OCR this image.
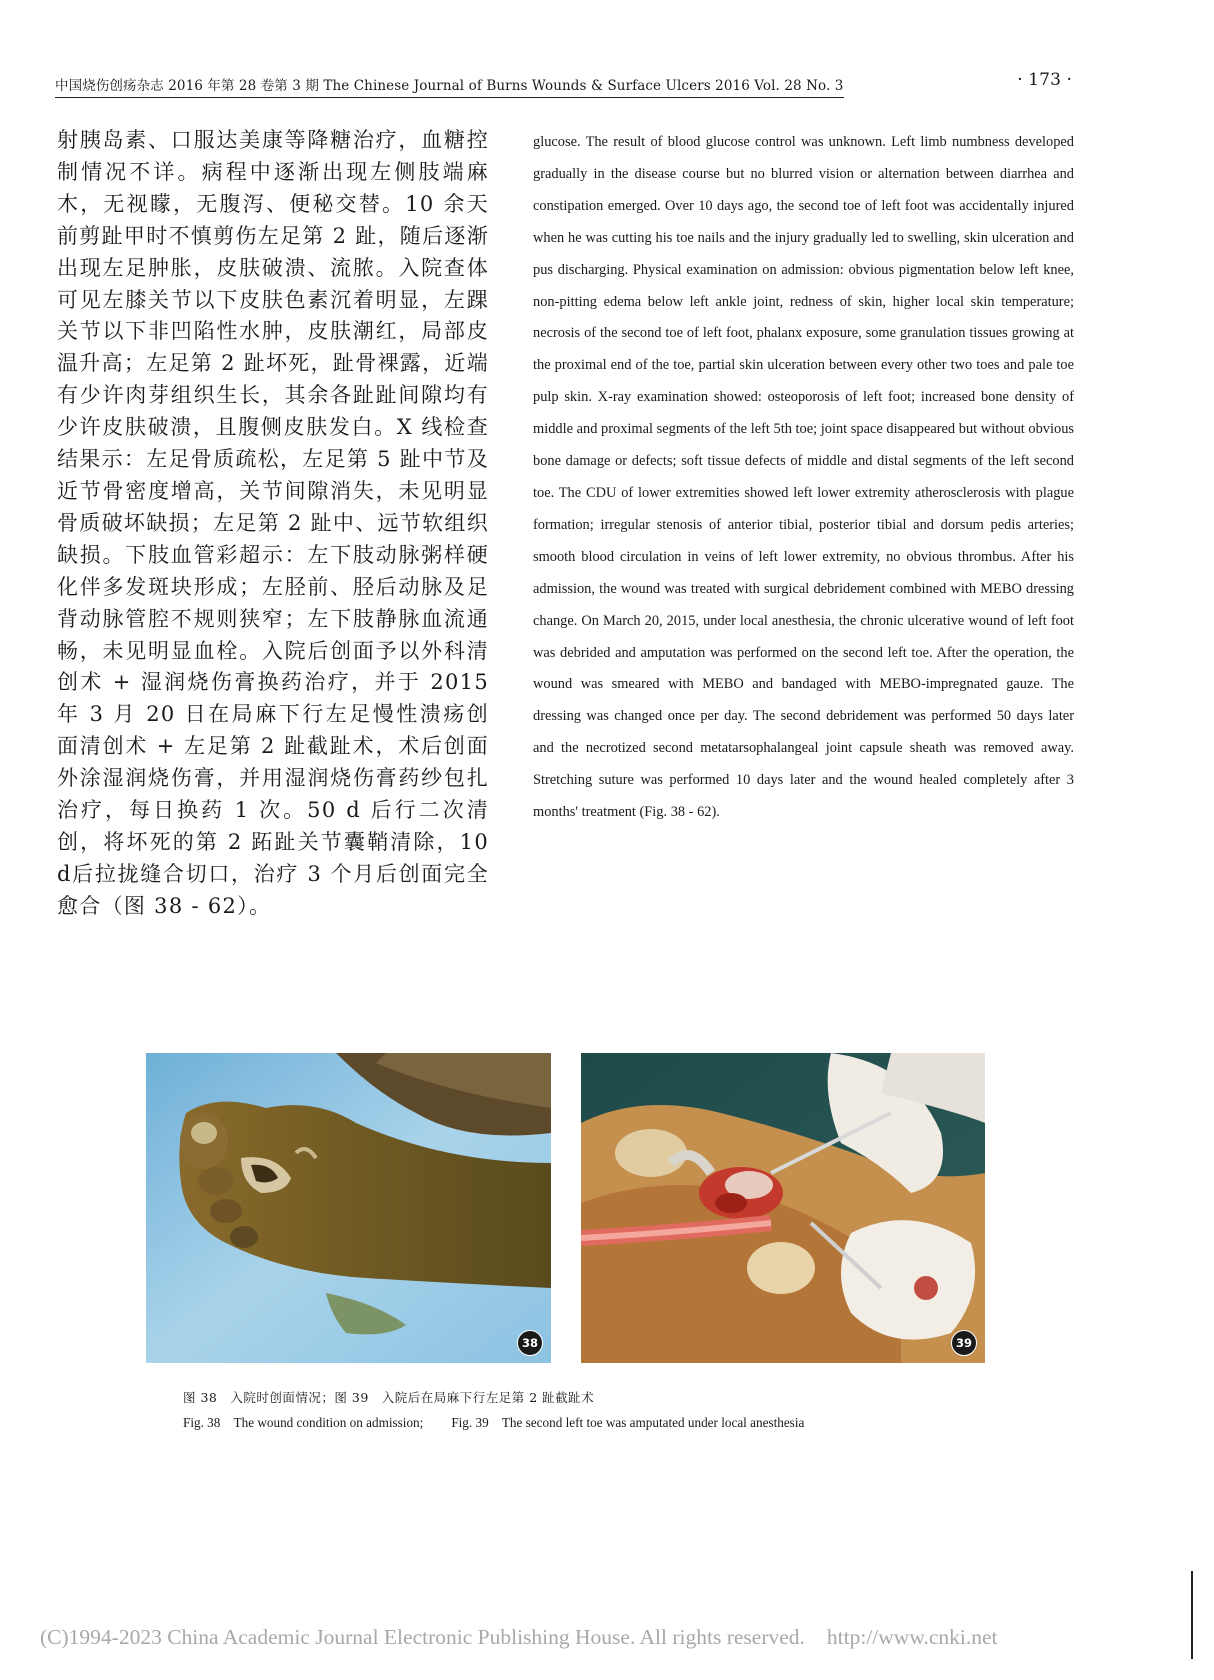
中国烧伤创疡杂志 2016 年第 28 卷第 3 期 The Chinese Journal of Burns Wounds & Surface Ulcers 2016 Vol. 28 No. 3	· 173 ·
射胰岛素、口服达美康等降糖治疗，血糖控制情况不详。病程中逐渐出现左侧肢端麻木，无视矇，无腹泻、便秘交替。10 余天前剪趾甲时不慎剪伤左足第 2 趾，随后逐渐出现左足肿胀，皮肤破溃、流脓。入院查体可见左膝关节以下皮肤色素沉着明显，左踝关节以下非凹陷性水肿，皮肤潮红，局部皮温升高；左足第 2 趾坏死，趾骨裸露，近端有少许肉芽组织生长，其余各趾趾间隙均有少许皮肤破溃，且腹侧皮肤发白。X 线检查结果示：左足骨质疏松，左足第 5 趾中节及近节骨密度增高，关节间隙消失，未见明显骨质破坏缺损；左足第 2 趾中、远节软组织缺损。下肢血管彩超示：左下肢动脉粥样硬化伴多发斑块形成；左胫前、胫后动脉及足背动脉管腔不规则狭窄；左下肢静脉血流通畅，未见明显血栓。入院后创面予以外科清创术 + 湿润烧伤膏换药治疗，并于 2015 年 3 月 20 日在局麻下行左足慢性溃疡创面清创术 + 左足第 2 趾截趾术，术后创面外涂湿润烧伤膏，并用湿润烧伤膏药纱包扎治疗，每日换药 1 次。50 d 后行二次清创，将坏死的第 2 跖趾关节囊鞘清除，10 d后拉拢缝合切口，治疗 3 个月后创面完全愈合（图 38 - 62）。
glucose. The result of blood glucose control was unknown. Left limb numbness developed gradually in the disease course but no blurred vision or alternation between diarrhea and constipation emerged. Over 10 days ago, the second toe of left foot was accidentally injured when he was cutting his toe nails and the injury gradually led to swelling, skin ulceration and pus discharging. Physical examination on admission: obvious pigmentation below left knee, non-pitting edema below left ankle joint, redness of skin, higher local skin temperature; necrosis of the second toe of left foot, phalanx exposure, some granulation tissues growing at the proximal end of the toe, partial skin ulceration between every other two toes and pale toe pulp skin. X-ray examination showed: osteoporosis of left foot; increased bone density of middle and proximal segments of the left 5th toe; joint space disappeared but without obvious bone damage or defects; soft tissue defects of middle and distal segments of the left second toe. The CDU of lower extremities showed left lower extremity atherosclerosis with plague formation; irregular stenosis of anterior tibial, posterior tibial and dorsum pedis arteries; smooth blood circulation in veins of left lower extremity, no obvious thrombus. After his admission, the wound was treated with surgical debridement combined with MEBO dressing change. On March 20, 2015, under local anesthesia, the chronic ulcerative wound of left foot was debrided and amputation was performed on the second left toe. After the operation, the wound was smeared with MEBO and bandaged with MEBO-impregnated gauze. The dressing was changed once per day. The second debridement was performed 50 days later and the necrotized second metatarsophalangeal joint capsule sheath was removed away. Stretching suture was performed 10 days later and the wound healed completely after 3 months' treatment (Fig. 38 - 62).
38	39
图 38　入院时创面情况；图 39　入院后在局麻下行左足第 2 趾截趾术
Fig. 38　The wound condition on admission; Fig. 39　The second left toe was amputated under local anesthesia
(C)1994-2023 China Academic Journal Electronic Publishing House. All rights reserved. http://www.cnki.net
